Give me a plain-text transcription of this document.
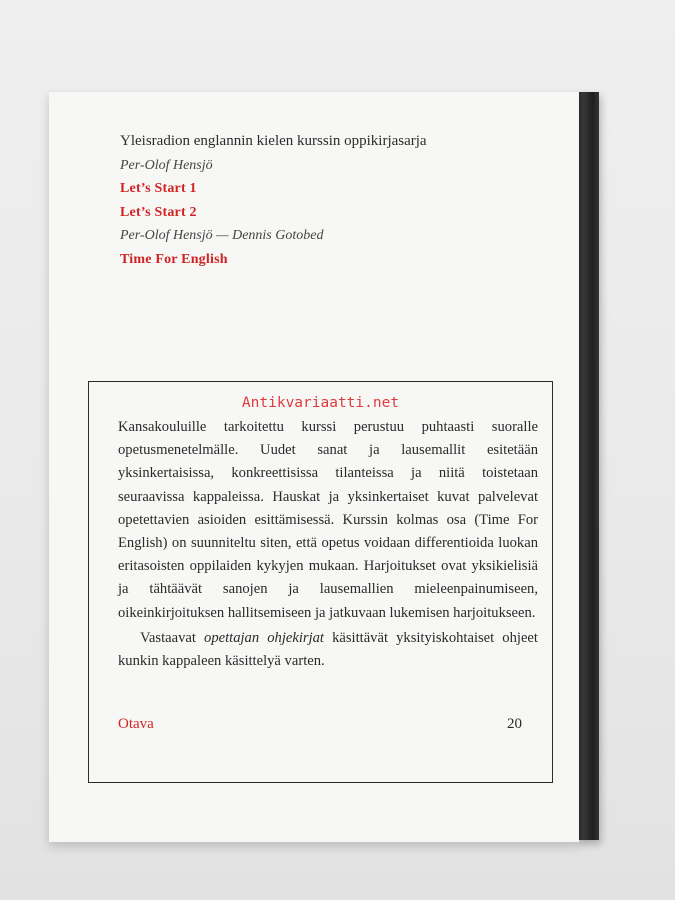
Yleisradion englannin kielen kurssin oppikirjasarja
Per-Olof Hensjö
Let’s Start 1
Let’s Start 2
Per-Olof Hensjö — Dennis Gotobed
Time For English
Antikvariaatti.net

Kansakouluille tarkoitettu kurssi perustuu puhtaasti suoralle opetusmenetelmälle. Uudet sanat ja lausemallit esitetään yksinkertaisissa, konkreettisissa tilanteissa ja niitä toistetaan seuraavissa kappaleissa. Hauskat ja yksinkertaiset kuvat palvelevat opetettavien asioiden esittämisessä. Kurssin kolmas osa (Time For English) on suunniteltu siten, että opetus voidaan differentioida luokan eritasoisten oppilaiden kykyjen mukaan. Harjoitukset ovat yksikielisiä ja tähtäävät sanojen ja lausemallien mieleenpainumiseen, oikeinkirjoituksen hallitsemiseen ja jatkuvaan lukemisen harjoitukseen.

Vastaavat opettajan ohjekirjat käsittävät yksityiskohtaiset ohjeet kunkin kappaleen käsittelyä varten.

Otava	20
